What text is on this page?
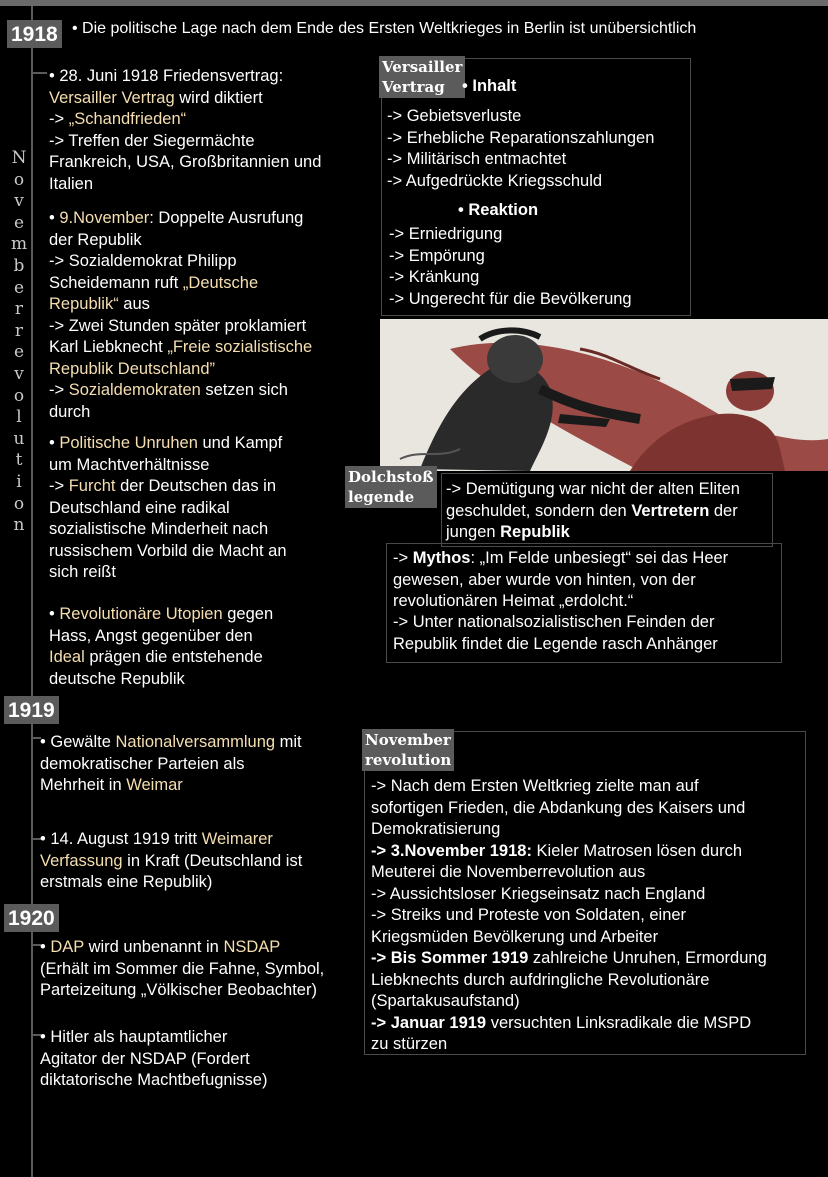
1918
1919
1920
N
o
v
e
m
b
e
r
r
e
v
o
l
u
t
i
o
n

• Die politische Lage nach dem Ende des Ersten Weltkrieges in Berlin ist unübersichtlich

• 28. Juni 1918 Friedensvertrag:

Versailler Vertrag wird diktiert

-> „Schandfrieden“

-> Treffen der Siegermächte

Frankreich, USA, Großbritannien und

Italien

• 9.November: Doppelte Ausrufung

der Republik

-> Sozialdemokrat Philipp

Scheidemann ruft „Deutsche

Republik“ aus

-> Zwei Stunden später proklamiert

Karl Liebknecht „Freie sozialistische

Republik Deutschland”

-> Sozialdemokraten setzen sich

durch

• Politische Unruhen und Kampf

um Machtverhältnisse

-> Furcht der Deutschen das in

Deutschland eine radikal

sozialistische Minderheit nach

russischem Vorbild die Macht an

sich reißt

• Revolutionäre Utopien gegen

Hass, Angst gegenüber den

Ideal prägen die entstehende

deutsche Republik

• Gewälte Nationalversammlung mit

demokratischer Parteien als

Mehrheit in Weimar

• 14. August 1919 tritt Weimarer

Verfassung in Kraft (Deutschland ist

erstmals eine Republik)

• DAP wird unbenannt in NSDAP

(Erhält im Sommer die Fahne, Symbol,

Parteizeitung „Völkischer Beobachter)

• Hitler als hauptamtlicher

Agitator der NSDAP (Fordert

diktatorische Machtbefugnisse)

Versailler
Vertrag	• Inhalt

-> Gebietsverluste

-> Erhebliche Reparationszahlungen

-> Militärisch entmachtet

-> Aufgedrückte Kriegsschuld

• Reaktion

-> Erniedrigung

-> Empörung

-> Kränkung

-> Ungerecht für die Bevölkerung

Dolchstoß
legende	-> Demütigung war nicht der alten Eliten

geschuldet, sondern den Vertretern der

jungen Republik

-> Mythos: „Im Felde unbesiegt“ sei das Heer

gewesen, aber wurde von hinten, von der

revolutionären Heimat „erdolcht.“

-> Unter nationalsozialistischen Feinden der

Republik findet die Legende rasch Anhänger

November
revolution

-> Nach dem Ersten Weltkrieg zielte man auf

sofortigen Frieden, die Abdankung des Kaisers und

Demokratisierung

-> 3.November 1918: Kieler Matrosen lösen durch

Meuterei die Novemberrevolution aus

-> Aussichtsloser Kriegseinsatz nach England

-> Streiks und Proteste von Soldaten, einer

Kriegsmüden Bevölkerung und Arbeiter

-> Bis Sommer 1919 zahlreiche Unruhen, Ermordung

Liebknechts durch aufdringliche Revolutionäre

(Spartakusaufstand)

-> Januar 1919 versuchten Linksradikale die MSPD

zu stürzen
